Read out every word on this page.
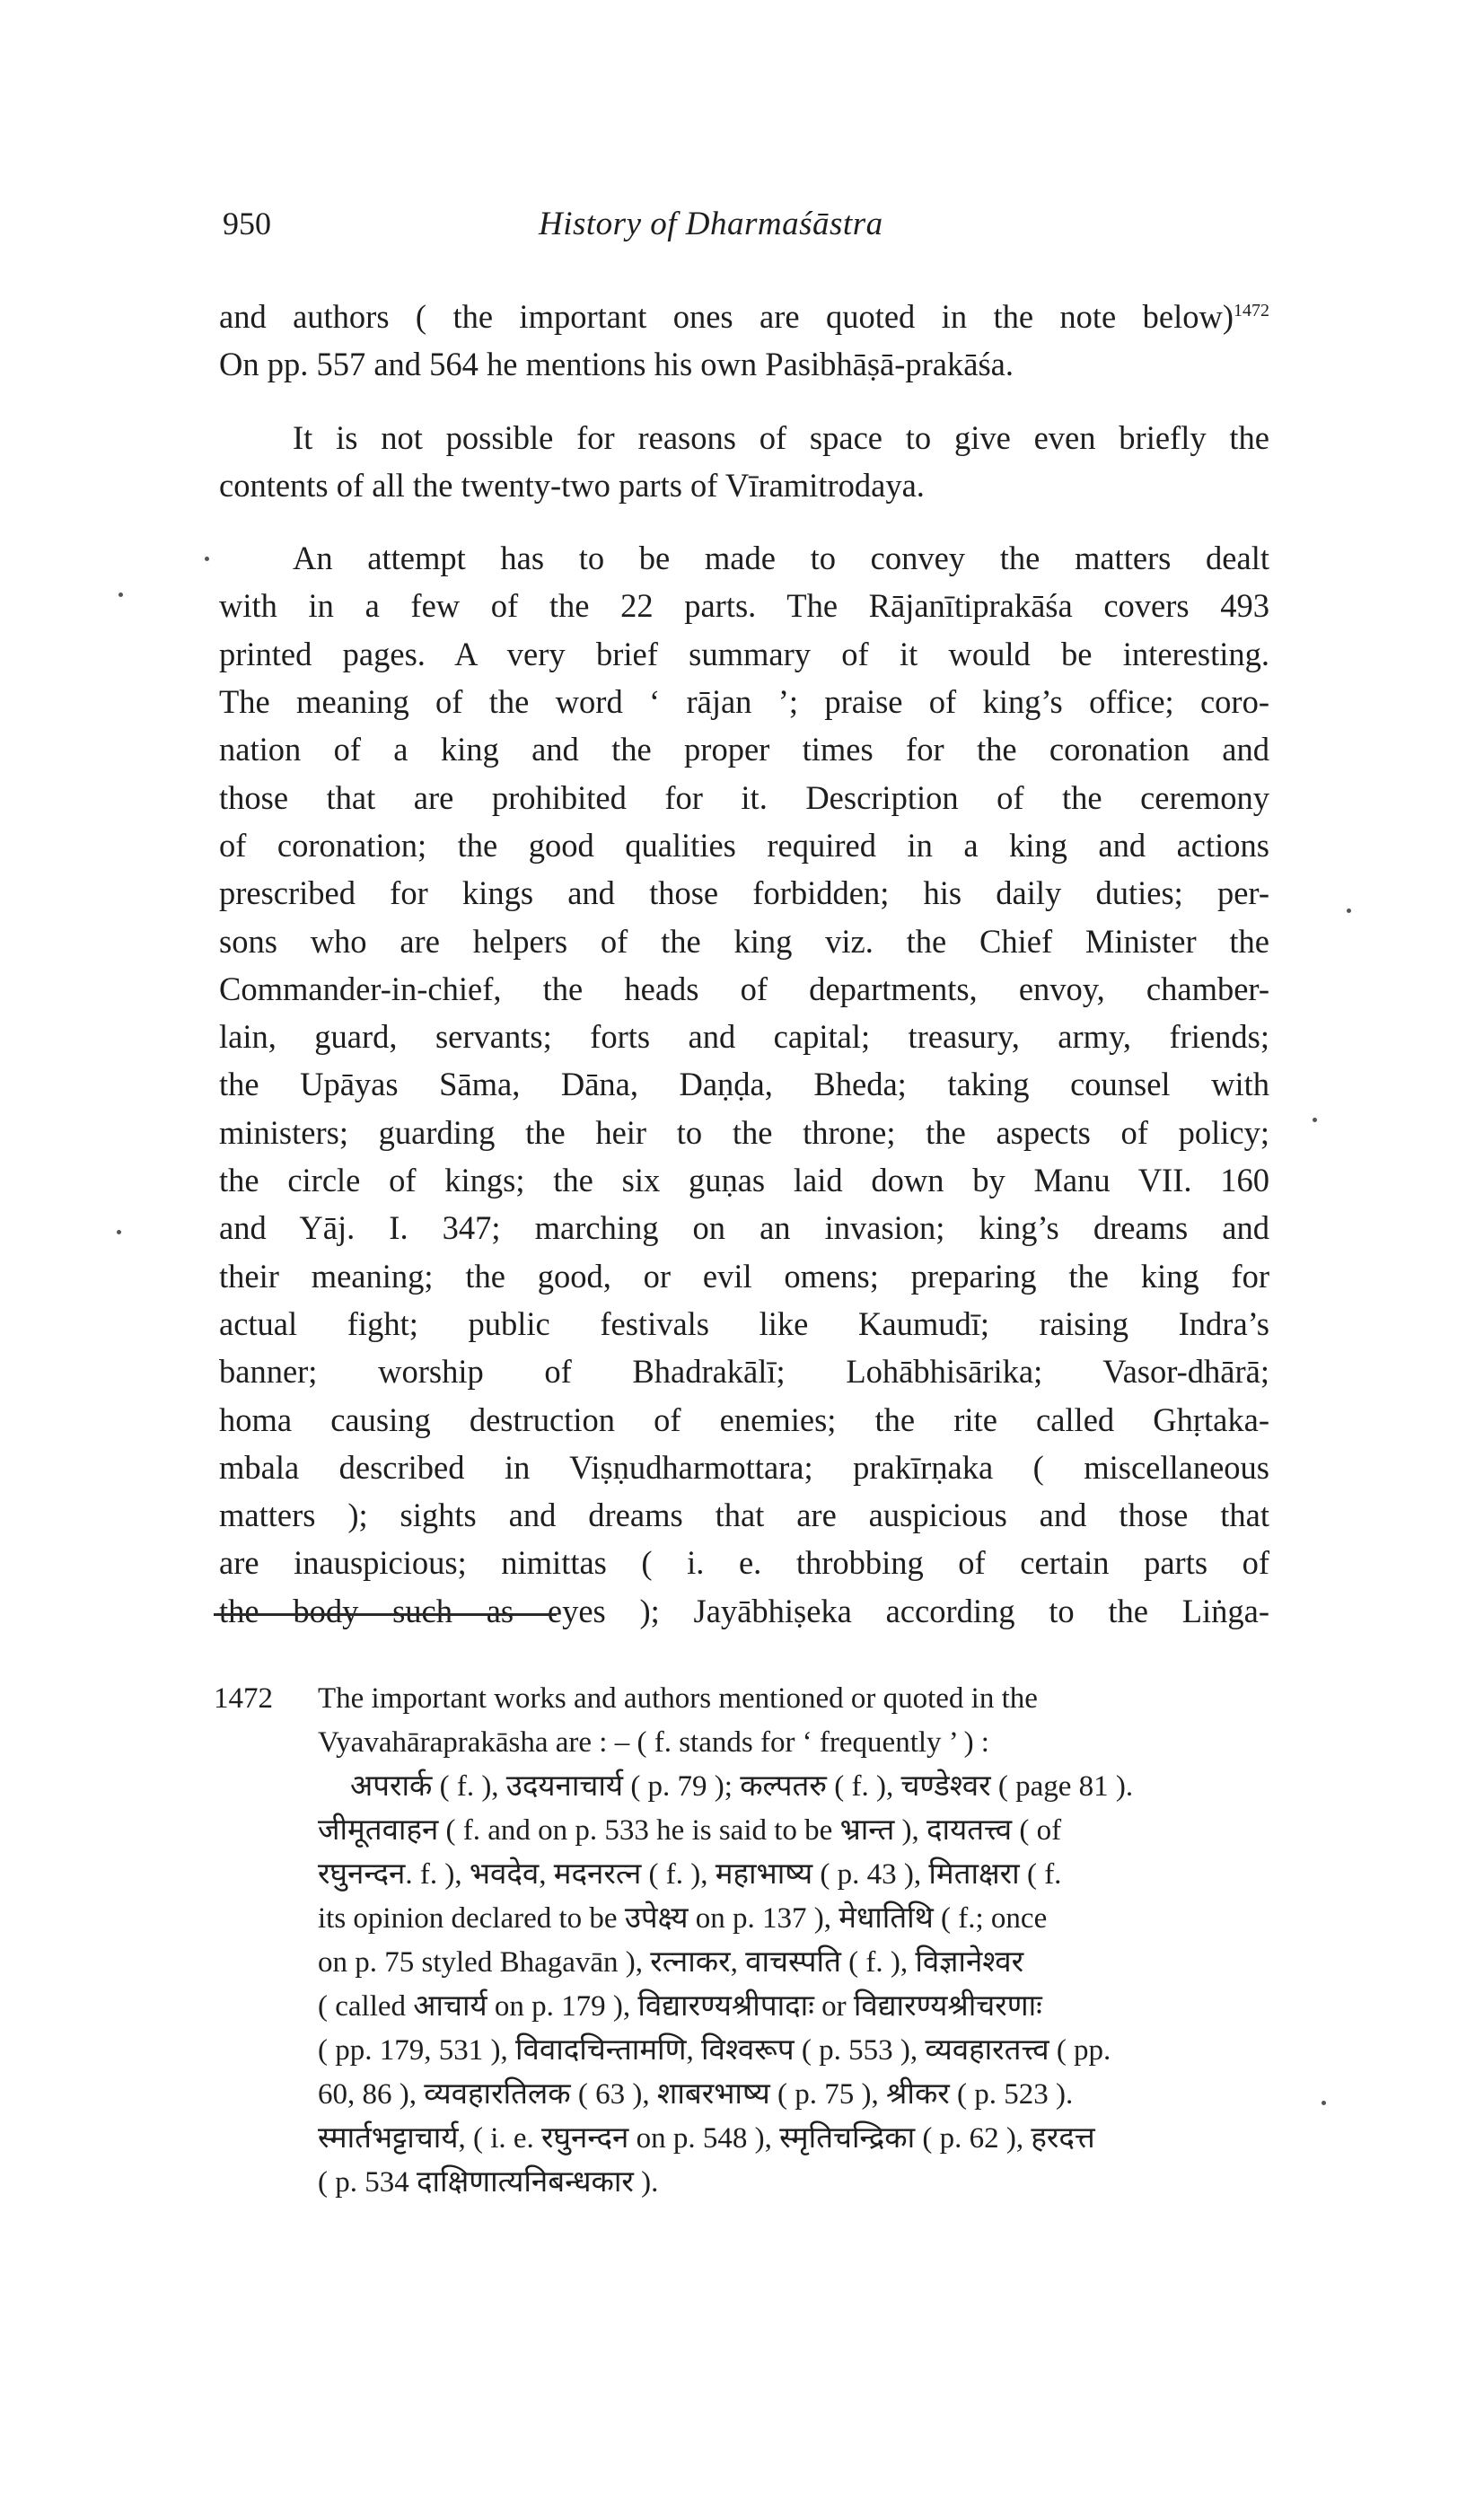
950	History of Dharmaśāstra

and authors ( the important ones are quoted in the note below)$^{1472}$
On pp. 557 and 564 he mentions his own Pasibhāṣā-prakāśa.

It is not possible for reasons of space to give even briefly the
contents of all the twenty-two parts of Vīramitrodaya.

An attempt has to be made to convey the matters dealt
with in a few of the 22 parts. The Rājanītiprakāśa covers 493
printed pages. A very brief summary of it would be interesting.
The meaning of the word ‘ rājan ’; praise of king’s office; coro-
nation of a king and the proper times for the coronation and
those that are prohibited for it. Description of the ceremony
of coronation; the good qualities required in a king and actions
prescribed for kings and those forbidden; his daily duties; per-
sons who are helpers of the king viz. the Chief Minister the
Commander-in-chief, the heads of departments, envoy, chamber-
lain, guard, servants; forts and capital; treasury, army, friends;
the Upāyas Sāma, Dāna, Daṇḍa, Bheda; taking counsel with
ministers; guarding the heir to the throne; the aspects of policy;
the circle of kings; the six guṇas laid down by Manu VII. 160
and Yāj. I. 347; marching on an invasion; king’s dreams and
their meaning; the good, or evil omens; preparing the king for
actual fight; public festivals like Kaumudī; raising Indra’s
banner; worship of Bhadrakālī; Lohābhisārika; Vasor-dhārā;
homa causing destruction of enemies; the rite called Ghṛtaka-
mbala described in Viṣṇudharmottara; prakīrṇaka ( miscellaneous
matters ); sights and dreams that are auspicious and those that
are inauspicious; nimittas ( i. e. throbbing of certain parts of
the body such as eyes ); Jayābhiṣeka according to the Liṅga-

1472 The important works and authors mentioned or quoted in the
Vyavahāraprakāsha are : – ( f. stands for ‘ frequently ’ ) :
अपरार्क ( f. ), उदयनाचार्य ( p. 79 ); कल्पतरु ( f. ), चण्डेश्वर ( page 81 ).
जीमूतवाहन ( f. and on p. 533 he is said to be भ्रान्त ), दायतत्त्व ( of
रघुनन्दन. f. ), भवदेव, मदनरत्न ( f. ), महाभाष्य ( p. 43 ), मिताक्षरा ( f.
its opinion declared to be उपेक्ष्य on p. 137 ), मेधातिथि ( f.; once
on p. 75 styled Bhagavān ), रत्नाकर, वाचस्पति ( f. ), विज्ञानेश्वर
( called आचार्य on p. 179 ), विद्यारण्यश्रीपादाः or विद्यारण्यश्रीचरणाः
( pp. 179, 531 ), विवादचिन्तामणि, विश्वरूप ( p. 553 ), व्यवहारतत्त्व ( pp.
60, 86 ), व्यवहारतिलक ( 63 ), शाबरभाष्य ( p. 75 ), श्रीकर ( p. 523 ).
स्मार्तभट्टाचार्य, ( i. e. रघुनन्दन on p. 548 ), स्मृतिचन्द्रिका ( p. 62 ), हरदत्त
( p. 534 दाक्षिणात्यनिबन्धकार ).
